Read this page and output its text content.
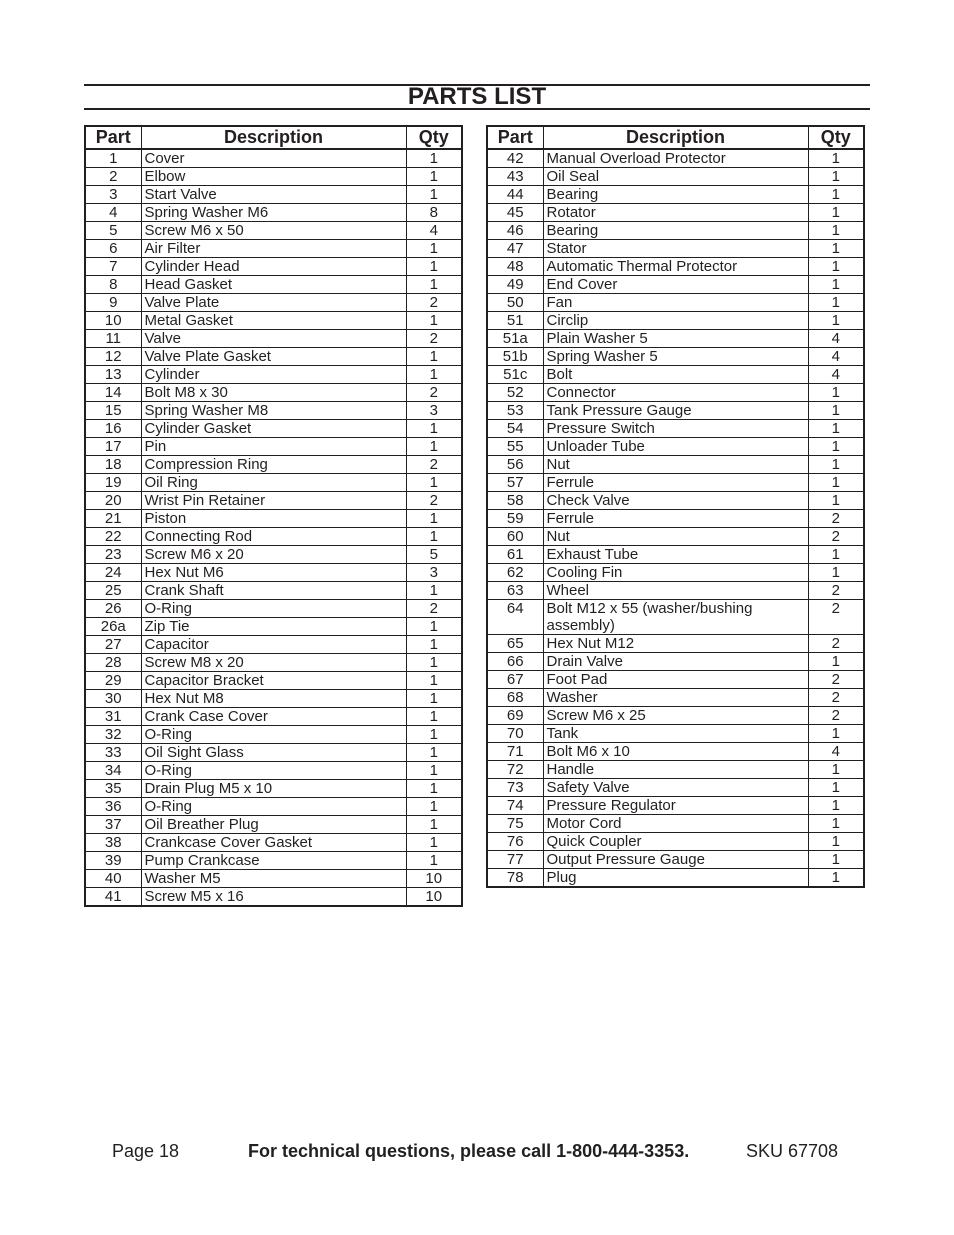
PARTS LIST
Part	Description	Qty
1	Cover	1
2	Elbow	1
3	Start Valve	1
4	Spring Washer M6	8
5	Screw M6 x 50	4
6	Air Filter	1
7	Cylinder Head	1
8	Head Gasket	1
9	Valve Plate	2
10	Metal Gasket	1
11	Valve	2
12	Valve Plate Gasket	1
13	Cylinder	1
14	Bolt M8 x 30	2
15	Spring Washer M8	3
16	Cylinder Gasket	1
17	Pin	1
18	Compression Ring	2
19	Oil Ring	1
20	Wrist Pin Retainer	2
21	Piston	1
22	Connecting Rod	1
23	Screw M6 x 20	5
24	Hex Nut M6	3
25	Crank Shaft	1
26	O-Ring	2
26a	Zip Tie	1
27	Capacitor	1
28	Screw M8 x 20	1
29	Capacitor Bracket	1
30	Hex Nut M8	1
31	Crank Case Cover	1
32	O-Ring	1
33	Oil Sight Glass	1
34	O-Ring	1
35	Drain Plug M5 x 10	1
36	O-Ring	1
37	Oil Breather Plug	1
38	Crankcase Cover Gasket	1
39	Pump Crankcase	1
40	Washer M5	10
41	Screw M5 x 16	10
Part	Description	Qty
42	Manual Overload Protector	1
43	Oil Seal	1
44	Bearing	1
45	Rotator	1
46	Bearing	1
47	Stator	1
48	Automatic Thermal Protector	1
49	End Cover	1
50	Fan	1
51	Circlip	1
51a	Plain Washer 5	4
51b	Spring Washer 5	4
51c	Bolt	4
52	Connector	1
53	Tank Pressure Gauge	1
54	Pressure Switch	1
55	Unloader Tube	1
56	Nut	1
57	Ferrule	1
58	Check Valve	1
59	Ferrule	2
60	Nut	2
61	Exhaust Tube	1
62	Cooling Fin	1
63	Wheel	2
64	Bolt M12 x 55 (washer/bushing assembly)	2
65	Hex Nut M12	2
66	Drain Valve	1
67	Foot Pad	2
68	Washer	2
69	Screw M6 x 25	2
70	Tank	1
71	Bolt M6 x 10	4
72	Handle	1
73	Safety Valve	1
74	Pressure Regulator	1
75	Motor Cord	1
76	Quick Coupler	1
77	Output Pressure Gauge	1
78	Plug	1
Page 18	For technical questions, please call 1-800-444-3353.	SKU 67708
